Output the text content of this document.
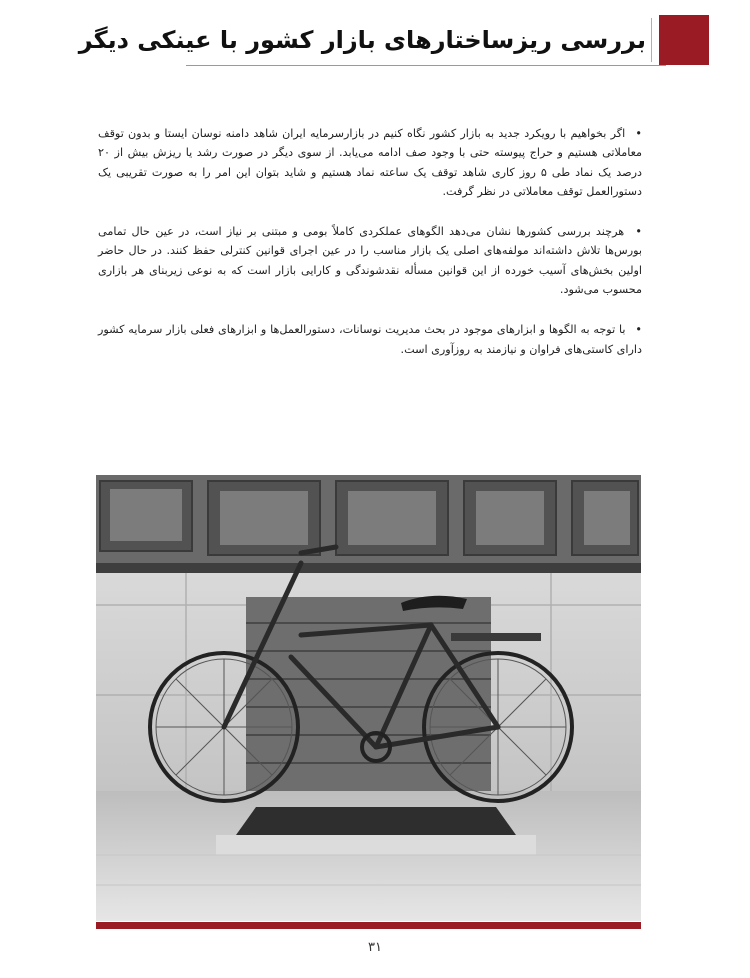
بررسی ریزساختارهای بازار کشور با عینکی دیگر

• اگر بخواهیم با رویکرد جدید به بازار کشور نگاه کنیم در بازارسرمایه ایران شاهد دامنه نوسان ایستا و بدون توقف معاملاتی هستیم و حراج پیوسته حتی با وجود صف ادامه می‌یابد. از سوی دیگر در صورت رشد یا ریزش بیش از ۲۰ درصد یک نماد طی ۵ روز کاری شاهد توقف یک ساعته نماد هستیم و شاید بتوان این امر را به صورت تقریبی یک دستورالعمل توقف معاملاتی در نظر گرفت.

• هرچند بررسی کشورها نشان می‌دهد الگوهای عملکردی کاملاً بومی و مبتنی بر نیاز است، در عین حال تمامی بورس‌ها تلاش داشته‌اند مولفه‌های اصلی یک بازار مناسب را در عین اجرای قوانین کنترلی حفظ کنند. در حال حاضر اولین بخش‌های آسیب خورده از این قوانین مسأله نقدشوندگی و کارایی بازار است که به نوعی زیربنای هر بازاری محسوب می‌شود.

• با توجه به الگوها و ابزارهای موجود در بحث مدیریت نوسانات، دستورالعمل‌ها و ابزارهای فعلی بازار سرمایه کشور دارای کاستی‌های فراوان و نیازمند به روزآوری است.

۳۱
